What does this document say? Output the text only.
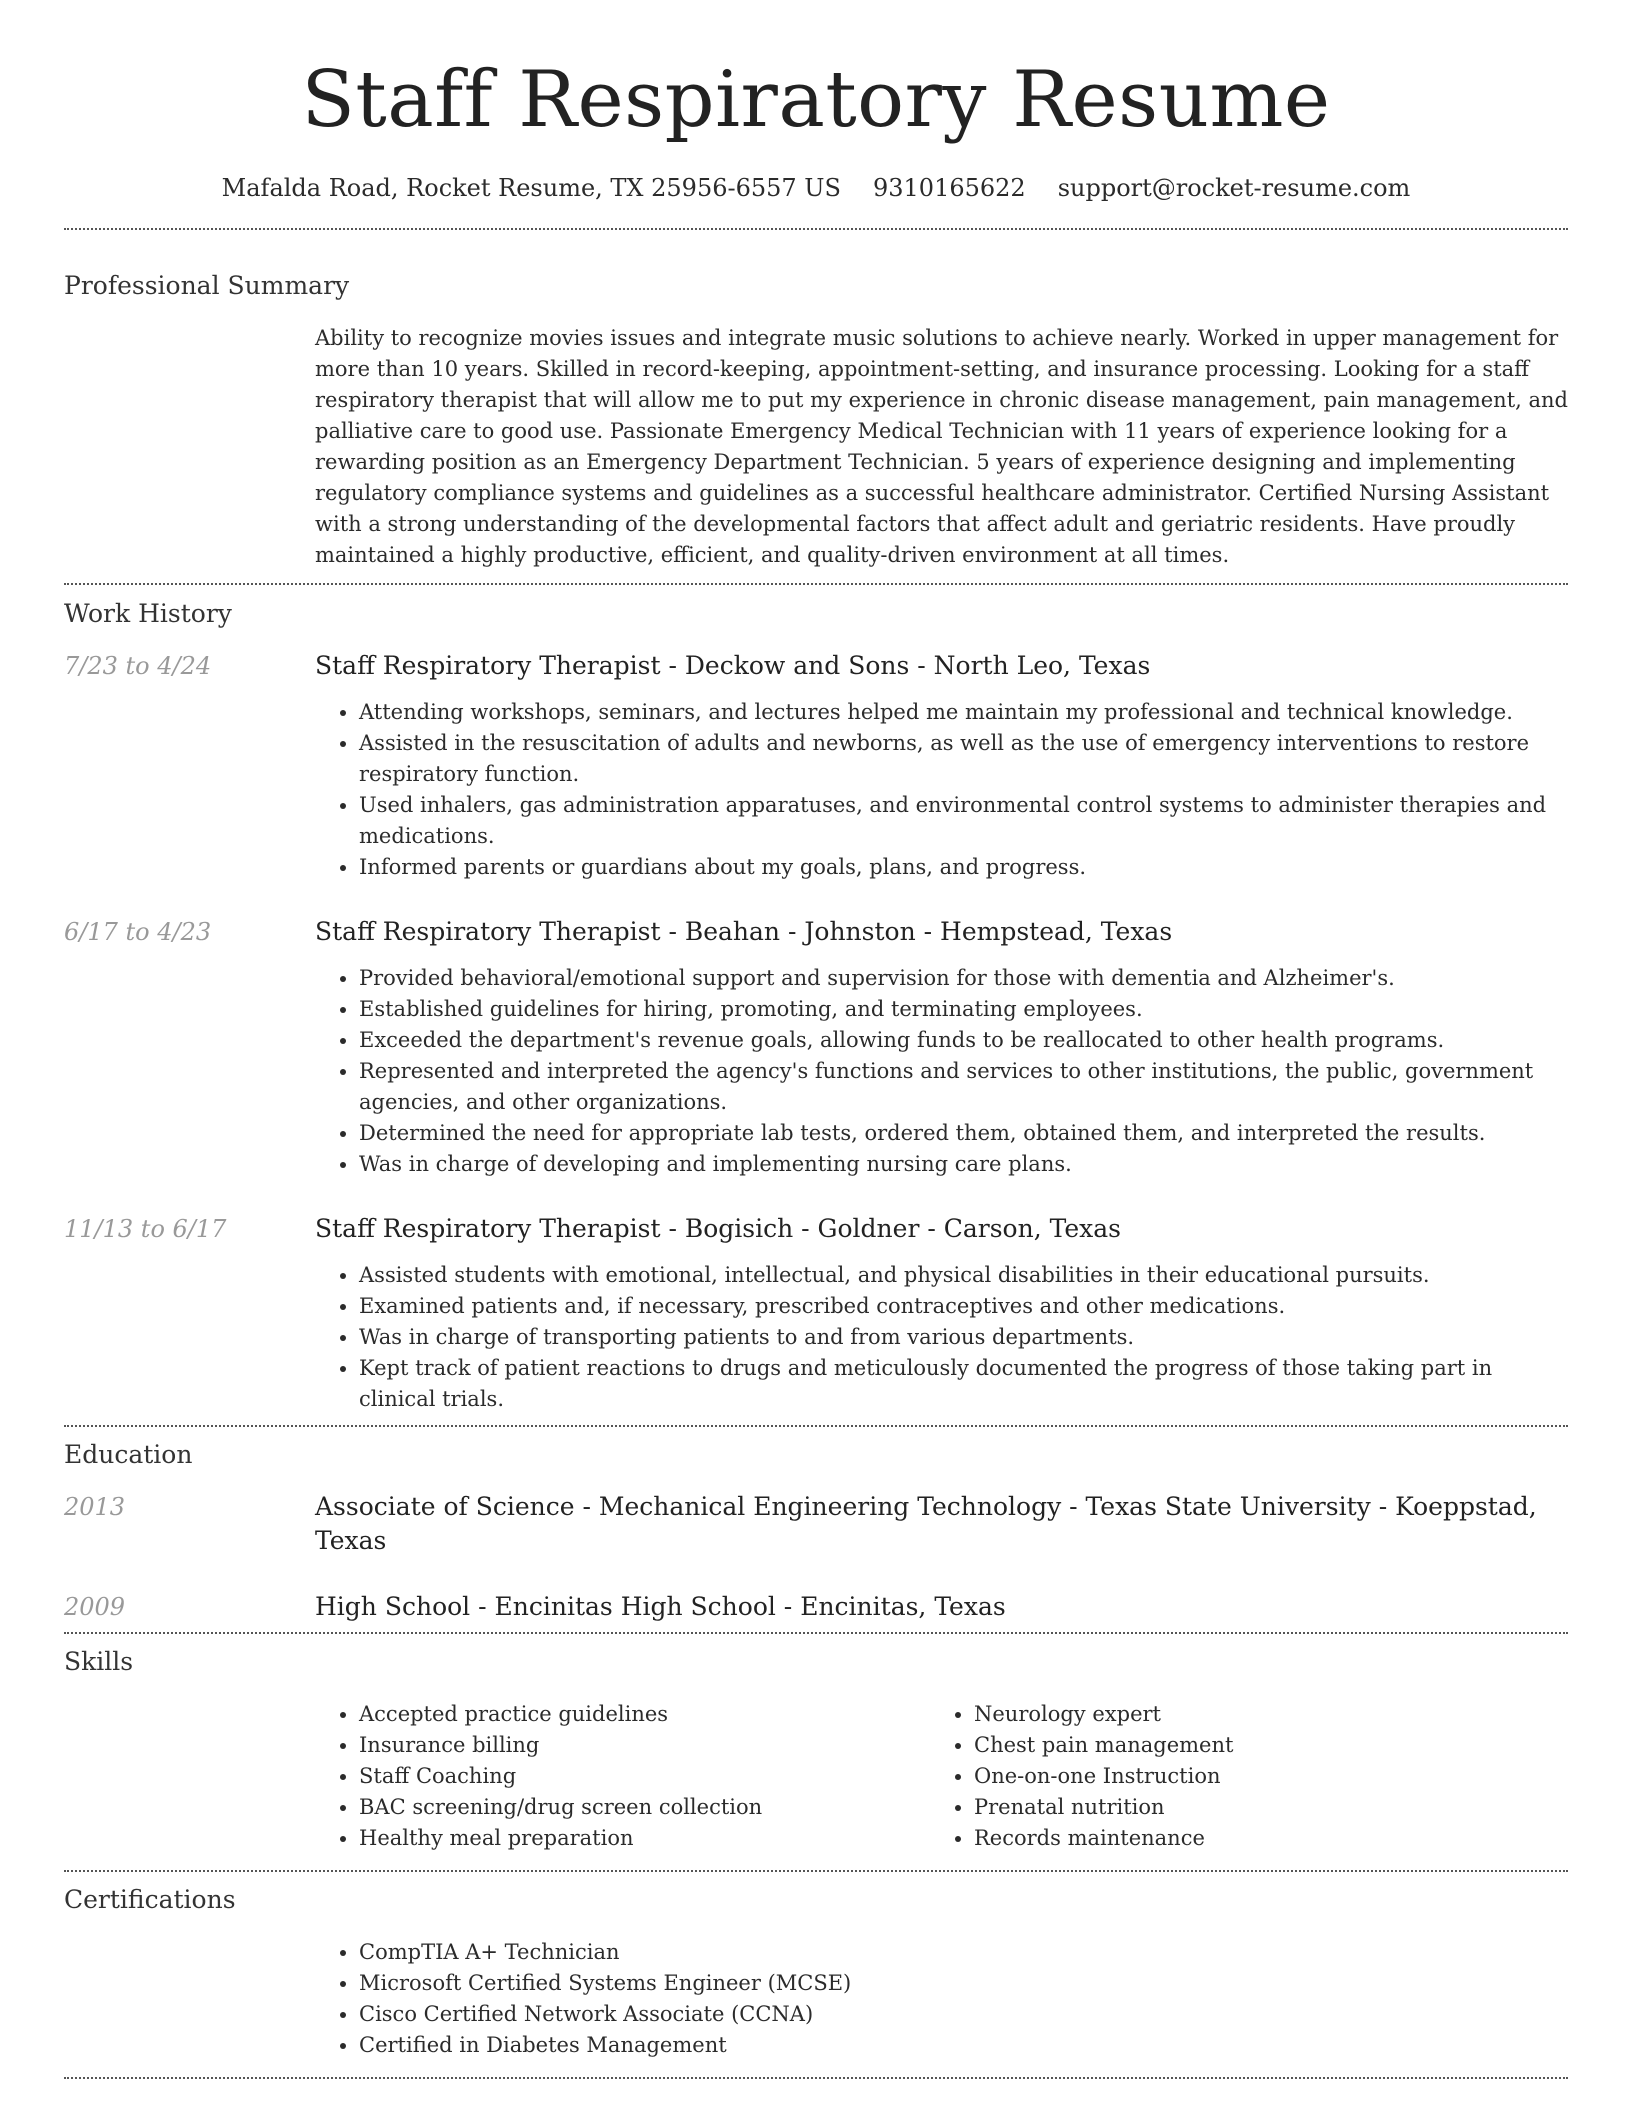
Staff Respiratory Resume
Mafalda Road, Rocket Resume, TX 25956-6557 US 9310165622 support@rocket-resume.com
Professional Summary
Ability to recognize movies issues and integrate music solutions to achieve nearly. Worked in upper management for more than 10 years. Skilled in record-keeping, appointment-setting, and insurance processing. Looking for a staff respiratory therapist that will allow me to put my experience in chronic disease management, pain management, and palliative care to good use. Passionate Emergency Medical Technician with 11 years of experience looking for a rewarding position as an Emergency Department Technician. 5 years of experience designing and implementing regulatory compliance systems and guidelines as a successful healthcare administrator. Certified Nursing Assistant with a strong understanding of the developmental factors that affect adult and geriatric residents. Have proudly maintained a highly productive, efficient, and quality-driven environment at all times.
Work History
7/23 to 4/24	Staff Respiratory Therapist - Deckow and Sons - North Leo, Texas
• Attending workshops, seminars, and lectures helped me maintain my professional and technical knowledge.
• Assisted in the resuscitation of adults and newborns, as well as the use of emergency interventions to restore respiratory function.
• Used inhalers, gas administration apparatuses, and environmental control systems to administer therapies and medications.
• Informed parents or guardians about my goals, plans, and progress.
6/17 to 4/23	Staff Respiratory Therapist - Beahan - Johnston - Hempstead, Texas
• Provided behavioral/emotional support and supervision for those with dementia and Alzheimer's.
• Established guidelines for hiring, promoting, and terminating employees.
• Exceeded the department's revenue goals, allowing funds to be reallocated to other health programs.
• Represented and interpreted the agency's functions and services to other institutions, the public, government agencies, and other organizations.
• Determined the need for appropriate lab tests, ordered them, obtained them, and interpreted the results.
• Was in charge of developing and implementing nursing care plans.
11/13 to 6/17	Staff Respiratory Therapist - Bogisich - Goldner - Carson, Texas
• Assisted students with emotional, intellectual, and physical disabilities in their educational pursuits.
• Examined patients and, if necessary, prescribed contraceptives and other medications.
• Was in charge of transporting patients to and from various departments.
• Kept track of patient reactions to drugs and meticulously documented the progress of those taking part in clinical trials.
Education
2013	Associate of Science - Mechanical Engineering Technology - Texas State University - Koeppstad, Texas
2009	High School - Encinitas High School - Encinitas, Texas
Skills
• Accepted practice guidelines
• Insurance billing
• Staff Coaching
• BAC screening/drug screen collection
• Healthy meal preparation
• Neurology expert
• Chest pain management
• One-on-one Instruction
• Prenatal nutrition
• Records maintenance
Certifications
• CompTIA A+ Technician
• Microsoft Certified Systems Engineer (MCSE)
• Cisco Certified Network Associate (CCNA)
• Certified in Diabetes Management
